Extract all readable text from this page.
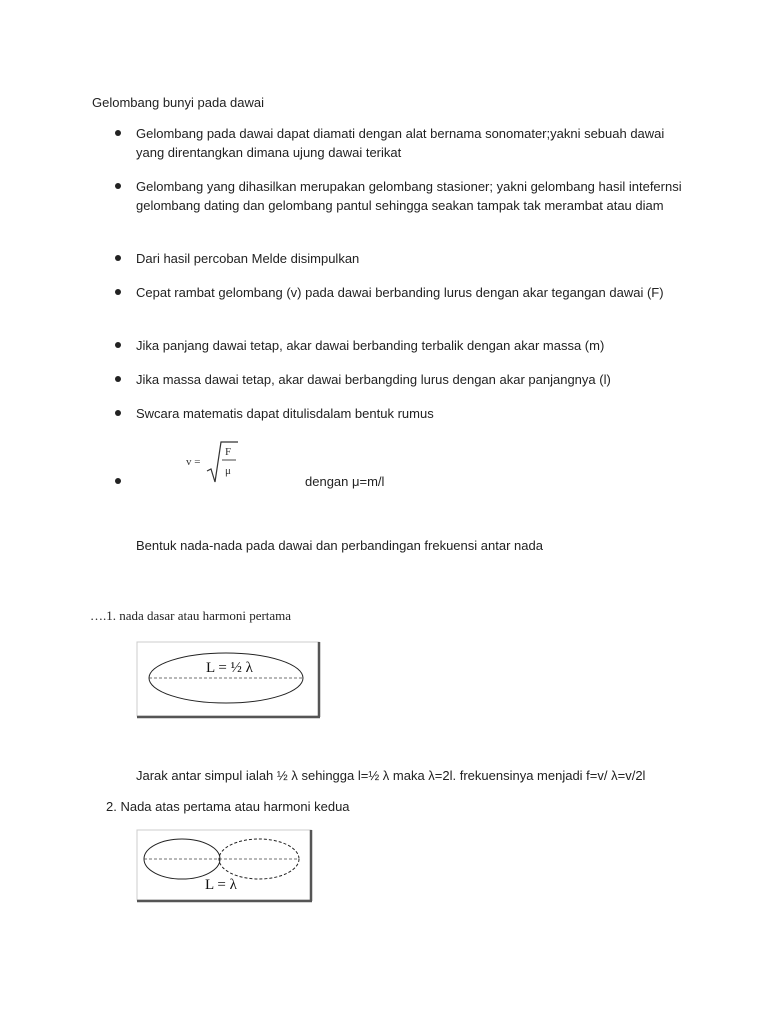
Gelombang bunyi pada dawai
Gelombang pada dawai dapat diamati dengan alat bernama sonomater;yakni sebuah dawai yang direntangkan dimana ujung dawai terikat
Gelombang yang dihasilkan merupakan gelombang stasioner; yakni gelombang hasil intefernsi gelombang dating dan gelombang pantul sehingga seakan tampak tak merambat atau diam
Dari hasil percoban Melde disimpulkan
Cepat rambat gelombang (v) pada dawai berbanding lurus dengan akar tegangan dawai (F)
Jika panjang dawai tetap, akar dawai berbanding terbalik dengan akar massa (m)
Jika massa dawai tetap, akar dawai berbangding lurus dengan akar panjangnya (l)
Swcara matematis dapat ditulisdalam bentuk rumus
v =
F
μ
dengan μ=m/l
Bentuk nada-nada pada dawai dan perbandingan frekuensi antar nada
….1. nada dasar atau harmoni pertama
L = ½ λ
Jarak antar simpul ialah ½ λ sehingga l=½ λ maka λ=2l. frekuensinya menjadi f=v/ λ=v/2l
2. Nada atas pertama atau harmoni kedua
L = λ
